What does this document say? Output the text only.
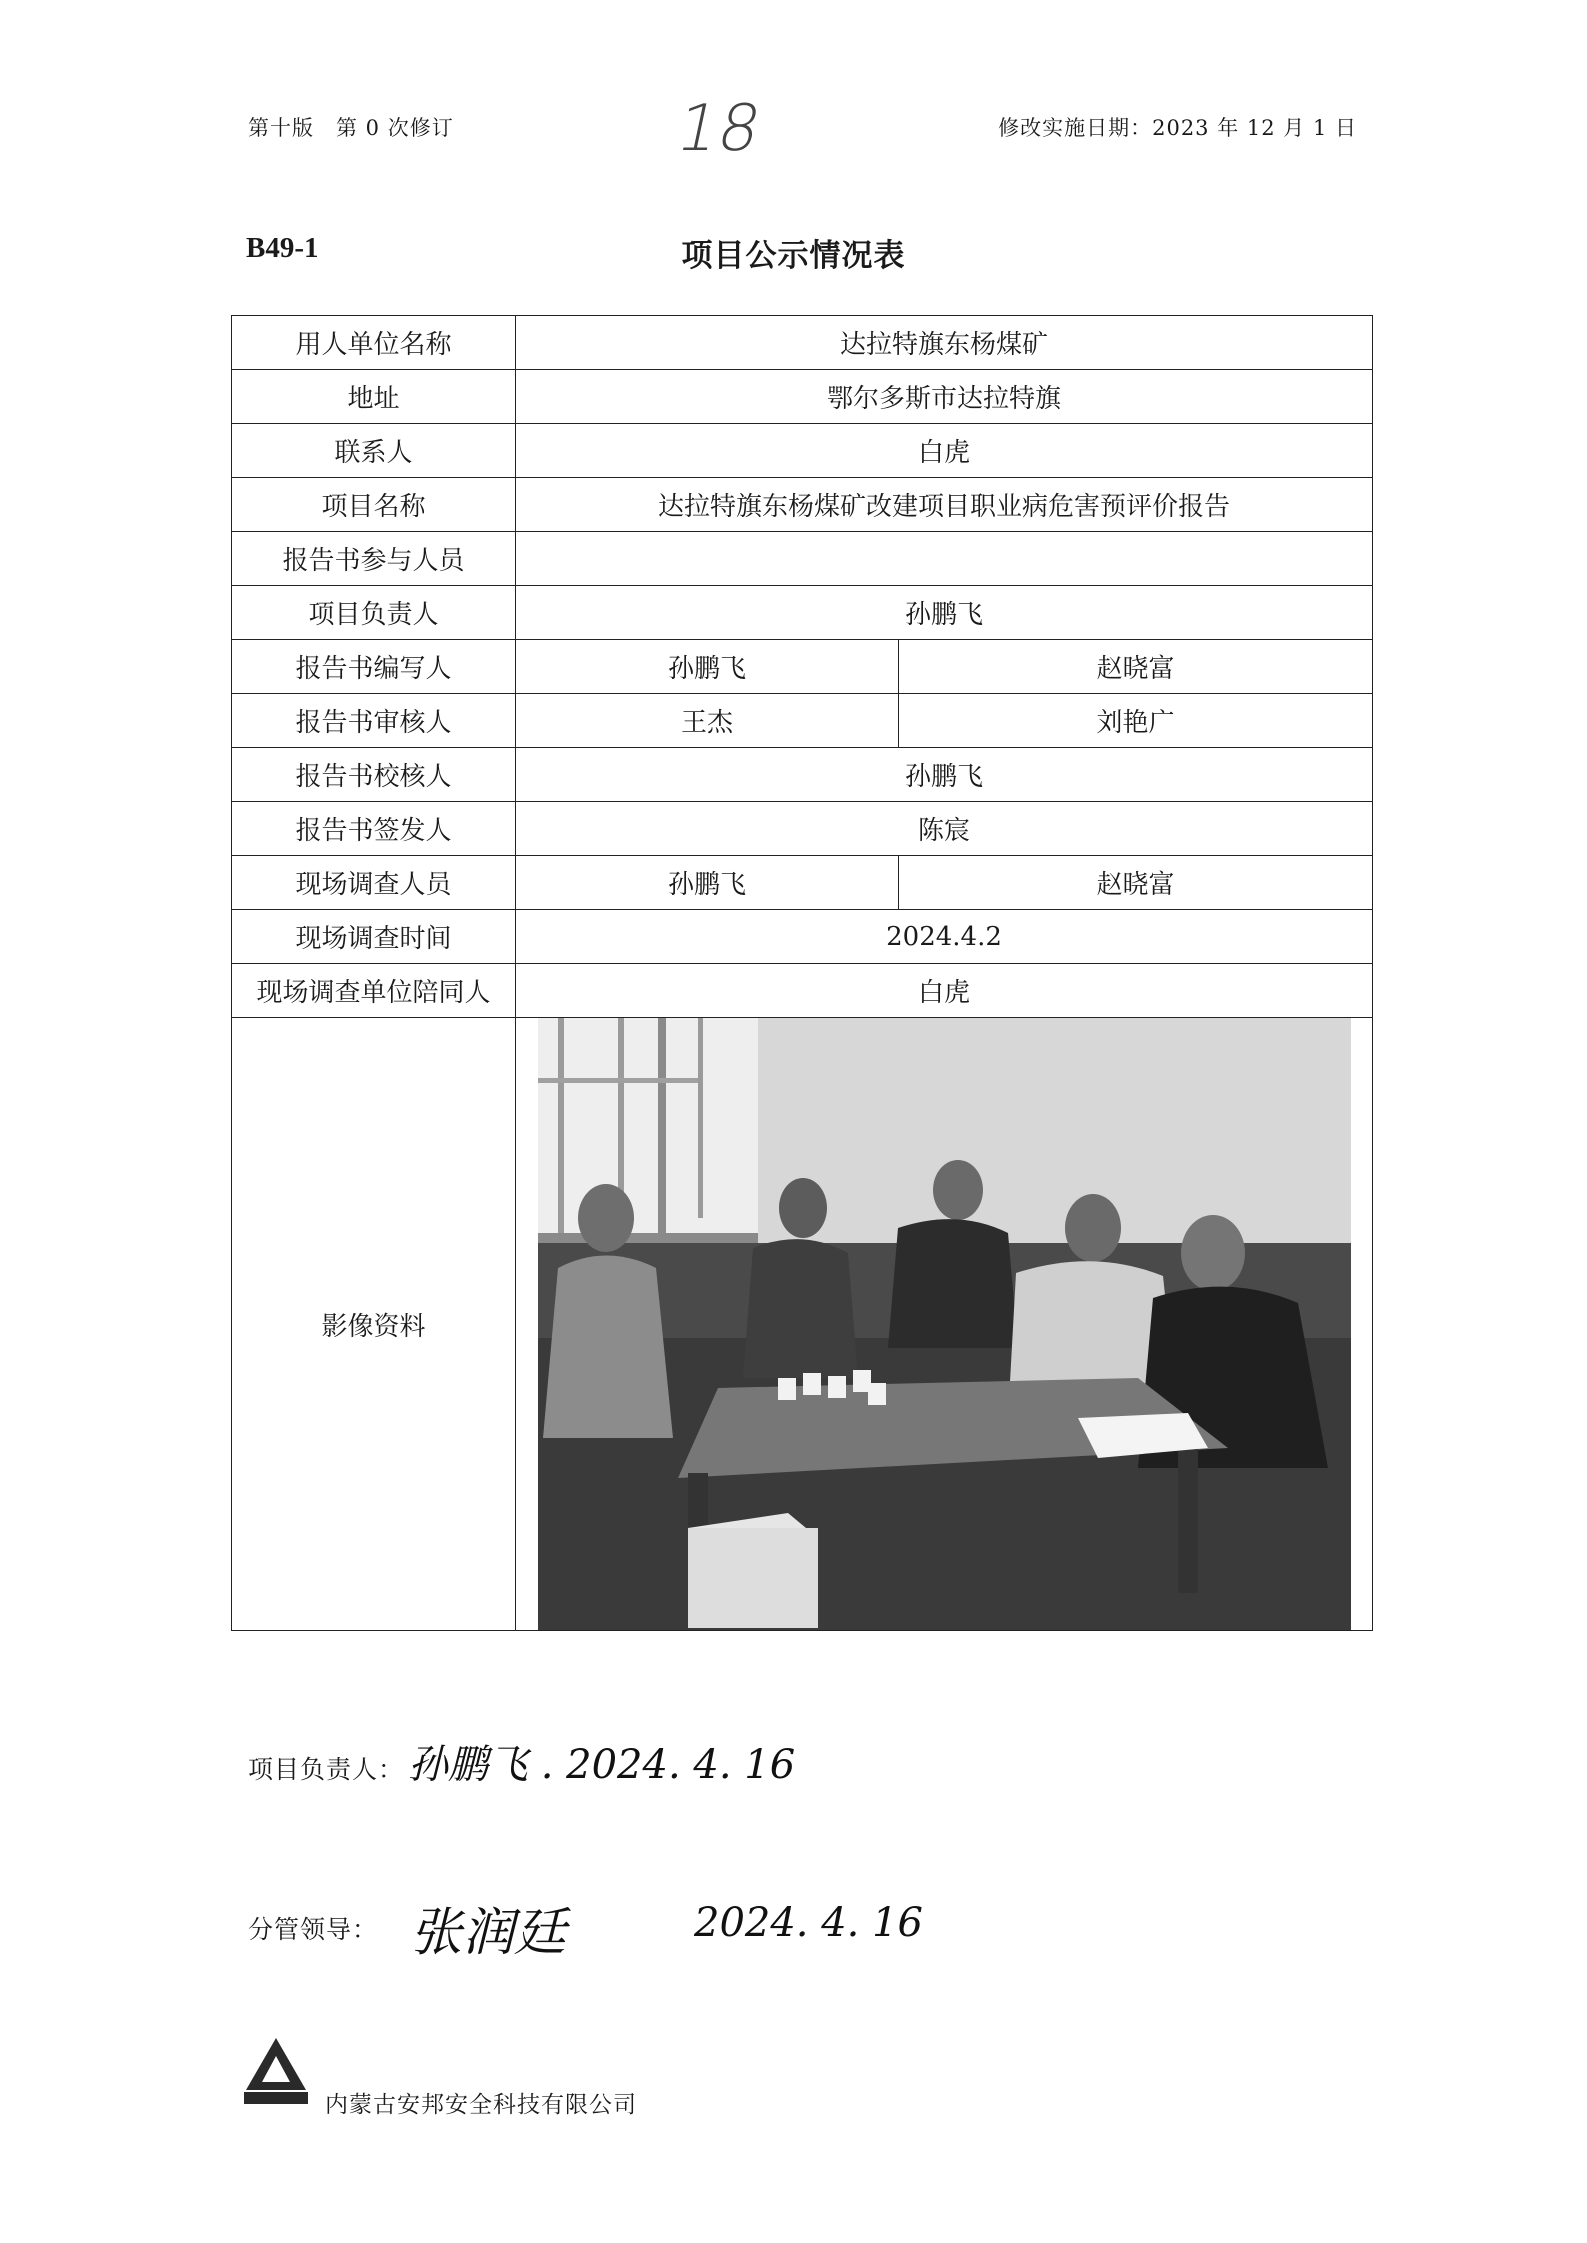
第十版　第 0 次修订	18	修改实施日期：2023 年 12 月 1 日
B49-1	项目公示情况表
用人单位名称	达拉特旗东杨煤矿	
地址	鄂尔多斯市达拉特旗	
联系人	白虎	
项目名称	达拉特旗东杨煤矿改建项目职业病危害预评价报告	
报告书参与人员		
项目负责人	孙鹏飞	
报告书编写人	孙鹏飞	赵晓富
报告书审核人	王杰	刘艳广
报告书校核人	孙鹏飞	
报告书签发人	陈宸	
现场调查人员	孙鹏飞	赵晓富
现场调查时间	2024.4.2	
现场调查单位陪同人	白虎	
影像资料	
项目负责人： 孙鹏飞 . 2024. 4. 16
分管领导： 张润廷	2024. 4. 16
内蒙古安邦安全科技有限公司
